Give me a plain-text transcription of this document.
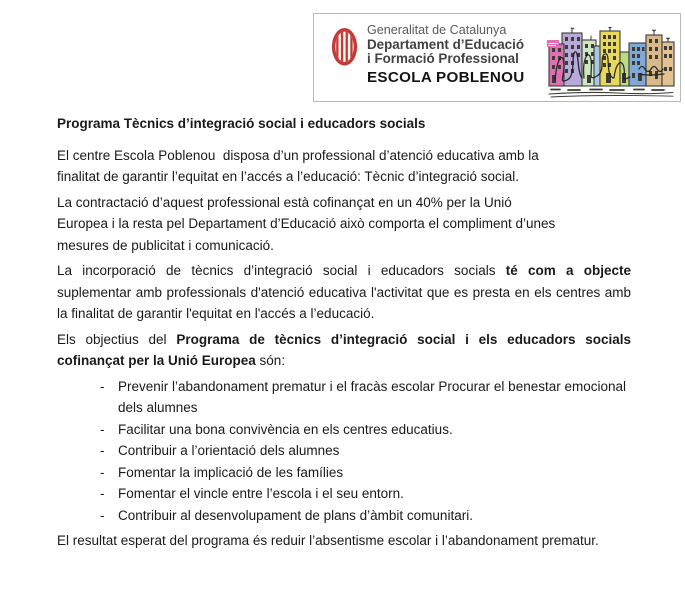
Generalitat de Catalunya
Departament d’Educació
i Formació Professional
ESCOLA POBLENOU
Programa Tècnics d’integració social i educadors socials
El centre Escola Poblenou  disposa d’un professional d’atenció educativa amb la
finalitat de garantir l’equitat en l’accés a l’educació: Tècnic d’integració social.
La contractació d’aquest professional està cofinançat en un 40% per la Unió
Europea i la resta pel Departament d’Educació això comporta el compliment d’unes
mesures de publicitat i comunicació.
La incorporació de tècnics d’integració social i educadors socials té com a objecte suplementar amb professionals d'atenció educativa l'activitat que es presta en els centres amb la finalitat de garantir l'equitat en l'accés a l’educació.
Els objectius del Programa de tècnics d’integració social i els educadors socials cofinançat per la Unió Europea són:
-	Prevenir l’abandonament prematur i el fracàs escolar Procurar el benestar emocional dels alumnes
-	Facilitar una bona convivència en els centres educatius.
-	Contribuir a l’orientació dels alumnes
-	Fomentar la implicació de les famílies
-	Fomentar el vincle entre l’escola i el seu entorn.
-	Contribuir al desenvolupament de plans d’àmbit comunitari.
El resultat esperat del programa és reduir l’absentisme escolar i l’abandonament prematur.
